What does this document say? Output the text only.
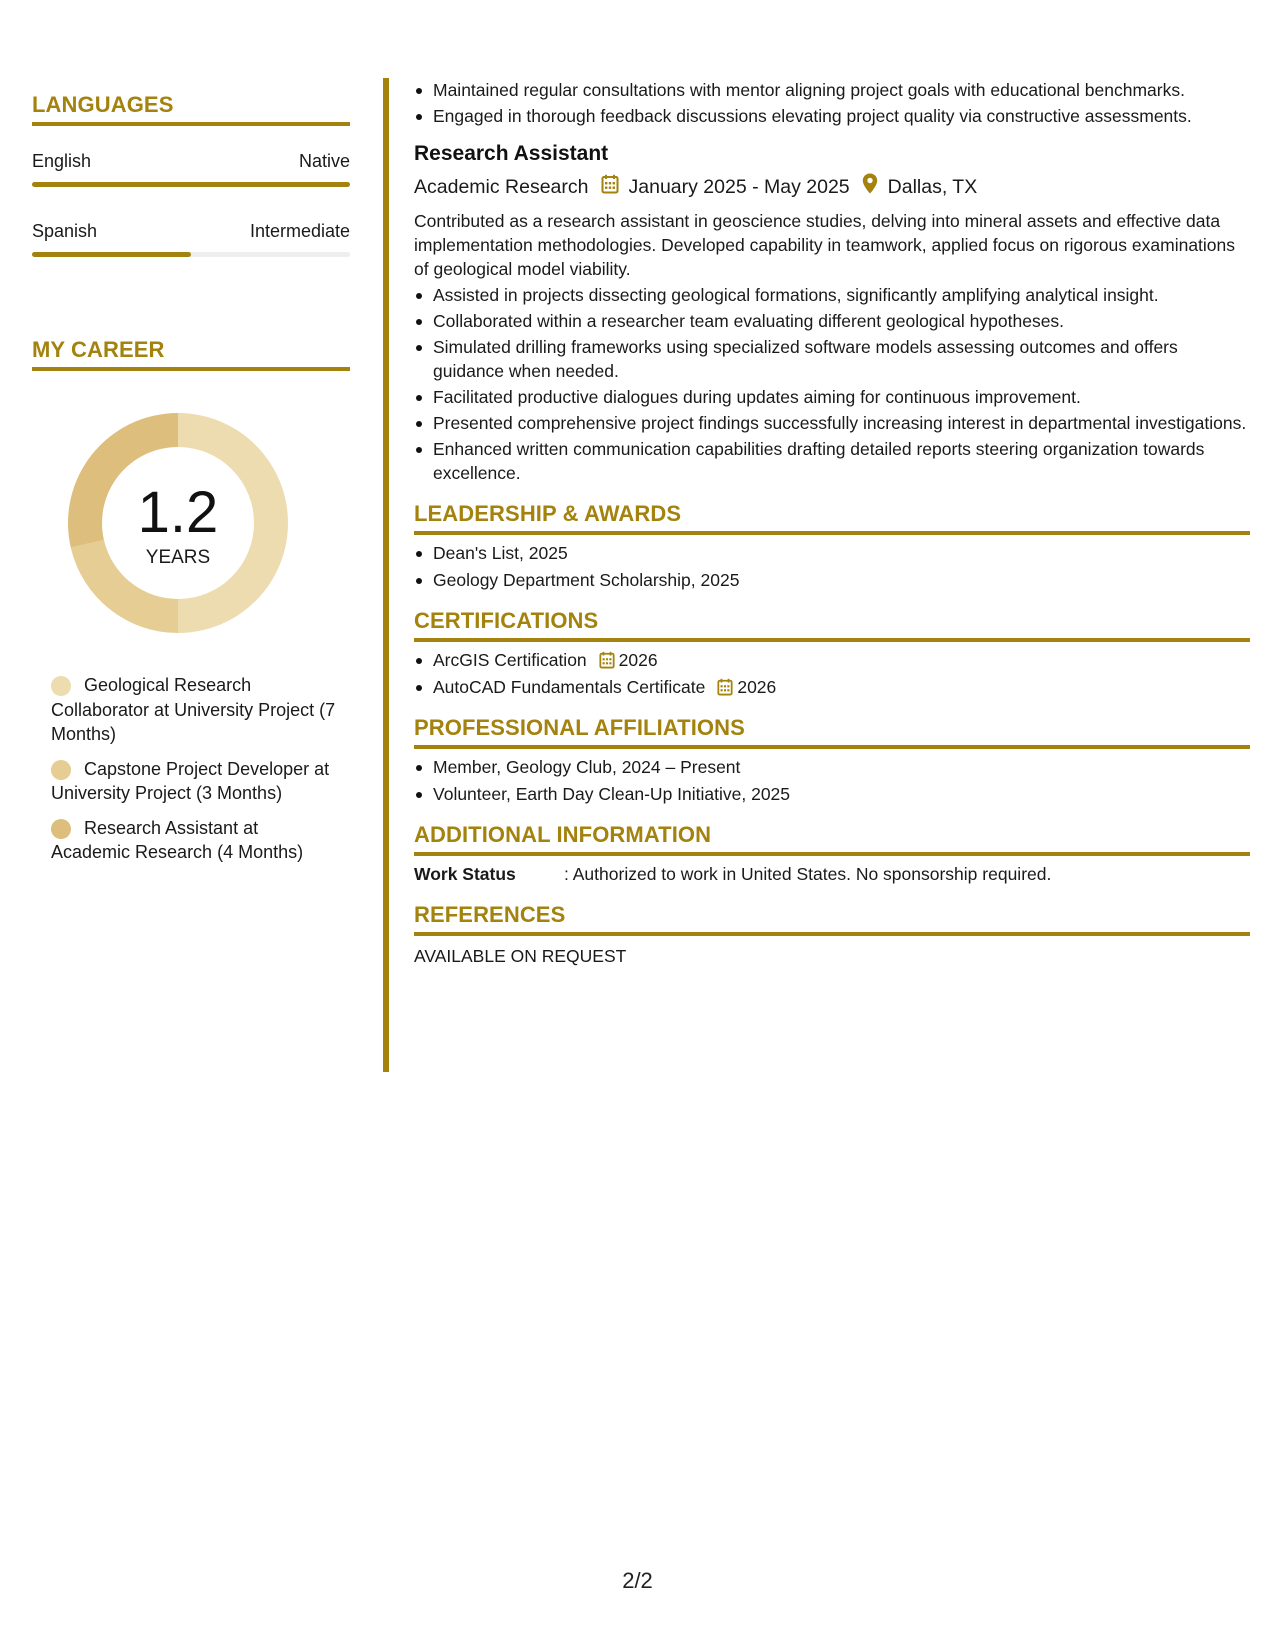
LANGUAGES
English	Native
Spanish	Intermediate
MY CAREER
1.2
YEARS
Geological Research Collaborator at University Project (7 Months)
Capstone Project Developer at University Project (3 Months)
Research Assistant at Academic Research (4 Months)
Maintained regular consultations with mentor aligning project goals with educational benchmarks.
Engaged in thorough feedback discussions elevating project quality via constructive assessments.
Research Assistant
Academic Research January 2025 - May 2025 Dallas, TX
Contributed as a research assistant in geoscience studies, delving into mineral assets and effective data implementation methodologies. Developed capability in teamwork, applied focus on rigorous examinations of geological model viability.
Assisted in projects dissecting geological formations, significantly amplifying analytical insight.
Collaborated within a researcher team evaluating different geological hypotheses.
Simulated drilling frameworks using specialized software models assessing outcomes and offers guidance when needed.
Facilitated productive dialogues during updates aiming for continuous improvement.
Presented comprehensive project findings successfully increasing interest in departmental investigations.
Enhanced written communication capabilities drafting detailed reports steering organization towards excellence.
LEADERSHIP & AWARDS
Dean's List, 2025
Geology Department Scholarship, 2025
CERTIFICATIONS
ArcGIS Certification 2026
AutoCAD Fundamentals Certificate 2026
PROFESSIONAL AFFILIATIONS
Member, Geology Club, 2024 – Present
Volunteer, Earth Day Clean-Up Initiative, 2025
ADDITIONAL INFORMATION
Work Status	: Authorized to work in United States. No sponsorship required.
REFERENCES
AVAILABLE ON REQUEST
2/2
